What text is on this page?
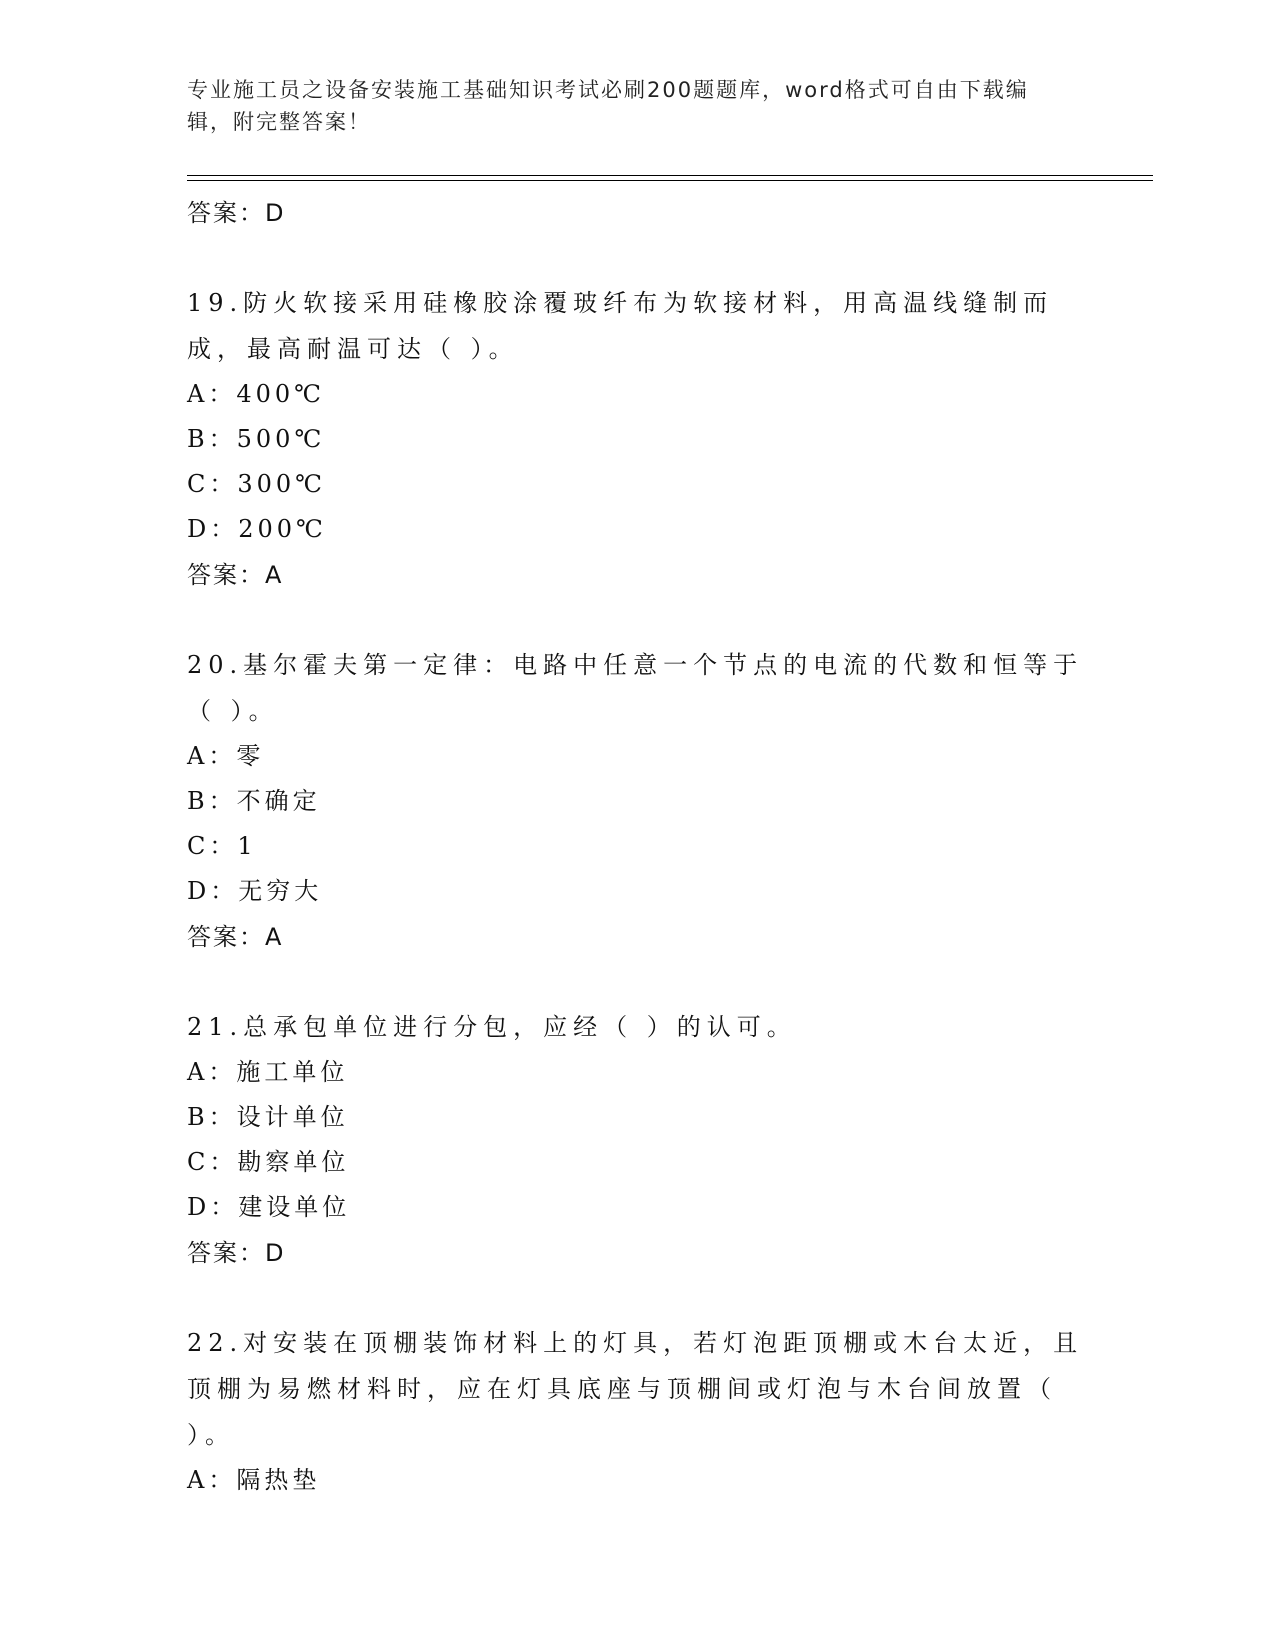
专业施工员之设备安装施工基础知识考试必刷200题题库，word格式可自由下载编辑，附完整答案！
答案：D
19.防火软接采用硅橡胶涂覆玻纤布为软接材料，用高温线缝制而成，最高耐温可达（ ）。
A：400℃
B：500℃
C：300℃
D：200℃
答案：A
20.基尔霍夫第一定律：电路中任意一个节点的电流的代数和恒等于（ ）。
A：零
B：不确定
C：1
D：无穷大
答案：A
21.总承包单位进行分包，应经（ ）的认可。
A：施工单位
B：设计单位
C：勘察单位
D：建设单位
答案：D
22.对安装在顶棚装饰材料上的灯具，若灯泡距顶棚或木台太近，且顶棚为易燃材料时，应在灯具底座与顶棚间或灯泡与木台间放置（ ）。
A：隔热垫
